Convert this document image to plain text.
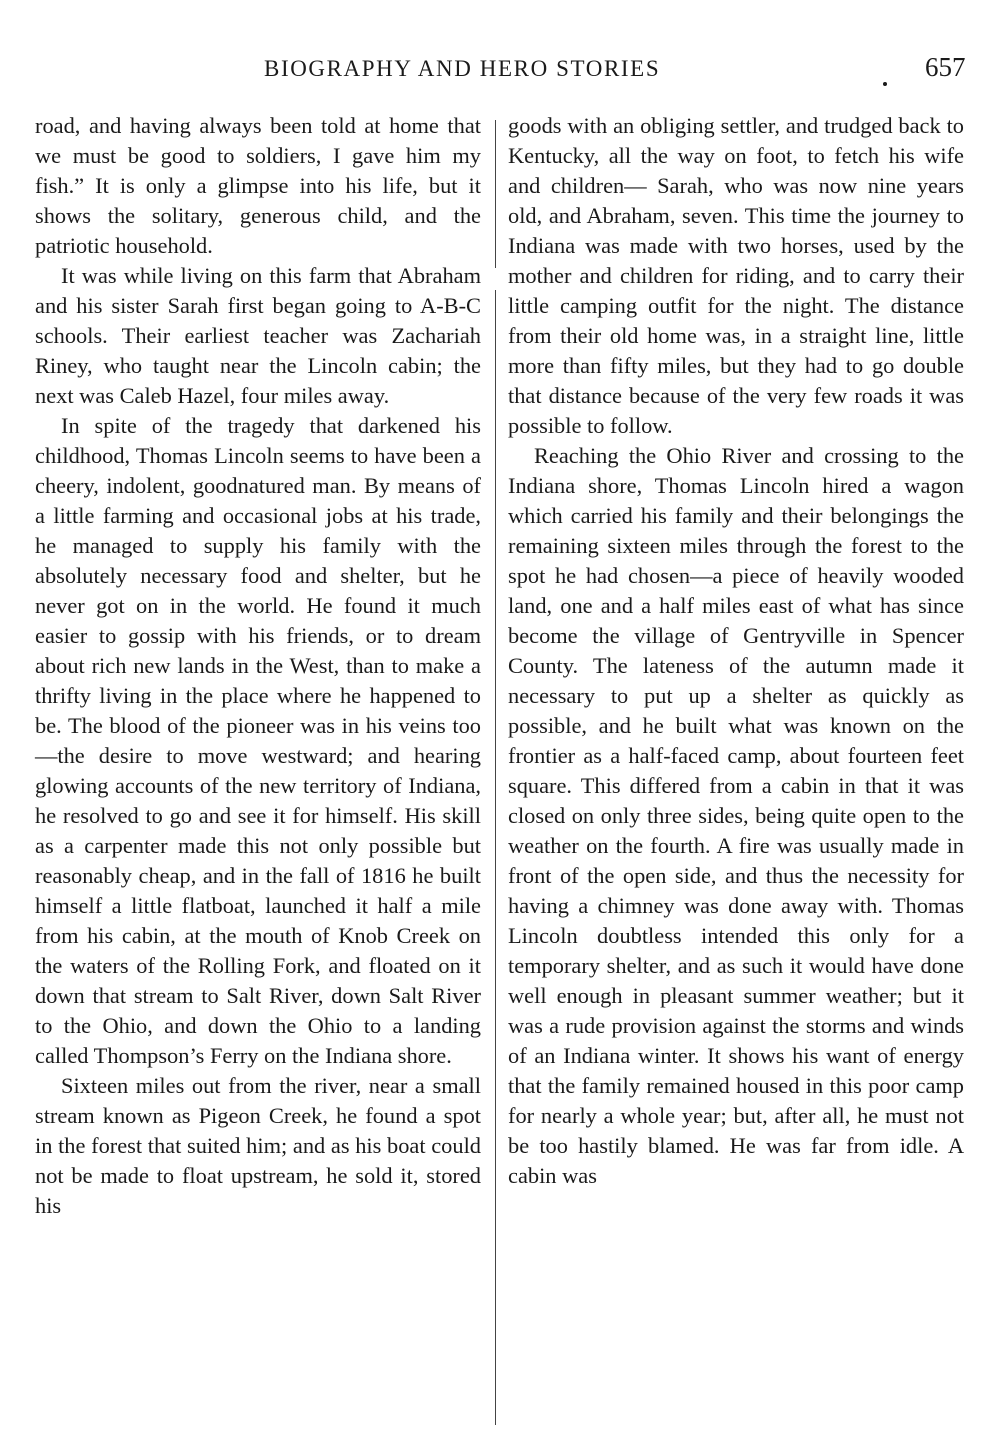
BIOGRAPHY AND HERO STORIES	657

road, and having always been told at home that we must be good to soldiers, I gave him my fish.” It is only a glimpse into his life, but it shows the solitary, generous child, and the patriotic household.

It was while living on this farm that Abraham and his sister Sarah first began going to A-B-C schools. Their earliest teacher was Zachariah Riney, who taught near the Lincoln cabin; the next was Caleb Hazel, four miles away.

In spite of the tragedy that darkened his childhood, Thomas Lincoln seems to have been a cheery, indolent, goodnatured man. By means of a little farming and occasional jobs at his trade, he managed to supply his family with the absolutely necessary food and shelter, but he never got on in the world. He found it much easier to gossip with his friends, or to dream about rich new lands in the West, than to make a thrifty living in the place where he happened to be. The blood of the pioneer was in his veins too—the desire to move westward; and hearing glowing accounts of the new territory of Indiana, he resolved to go and see it for himself. His skill as a carpenter made this not only possible but reasonably cheap, and in the fall of 1816 he built himself a little flatboat, launched it half a mile from his cabin, at the mouth of Knob Creek on the waters of the Rolling Fork, and floated on it down that stream to Salt River, down Salt River to the Ohio, and down the Ohio to a landing called Thompson’s Ferry on the Indiana shore.

Sixteen miles out from the river, near a small stream known as Pigeon Creek, he found a spot in the forest that suited him; and as his boat could not be made to float upstream, he sold it, stored his

goods with an obliging settler, and trudged back to Kentucky, all the way on foot, to fetch his wife and children— Sarah, who was now nine years old, and Abraham, seven. This time the journey to Indiana was made with two horses, used by the mother and children for riding, and to carry their little camping outfit for the night. The distance from their old home was, in a straight line, little more than fifty miles, but they had to go double that distance because of the very few roads it was possible to follow.

Reaching the Ohio River and crossing to the Indiana shore, Thomas Lincoln hired a wagon which carried his family and their belongings the remaining sixteen miles through the forest to the spot he had chosen—a piece of heavily wooded land, one and a half miles east of what has since become the village of Gentryville in Spencer County. The lateness of the autumn made it necessary to put up a shelter as quickly as possible, and he built what was known on the frontier as a half-faced camp, about fourteen feet square. This differed from a cabin in that it was closed on only three sides, being quite open to the weather on the fourth. A fire was usually made in front of the open side, and thus the necessity for having a chimney was done away with. Thomas Lincoln doubtless intended this only for a temporary shelter, and as such it would have done well enough in pleasant summer weather; but it was a rude provision against the storms and winds of an Indiana winter. It shows his want of energy that the family remained housed in this poor camp for nearly a whole year; but, after all, he must not be too hastily blamed. He was far from idle. A cabin was
